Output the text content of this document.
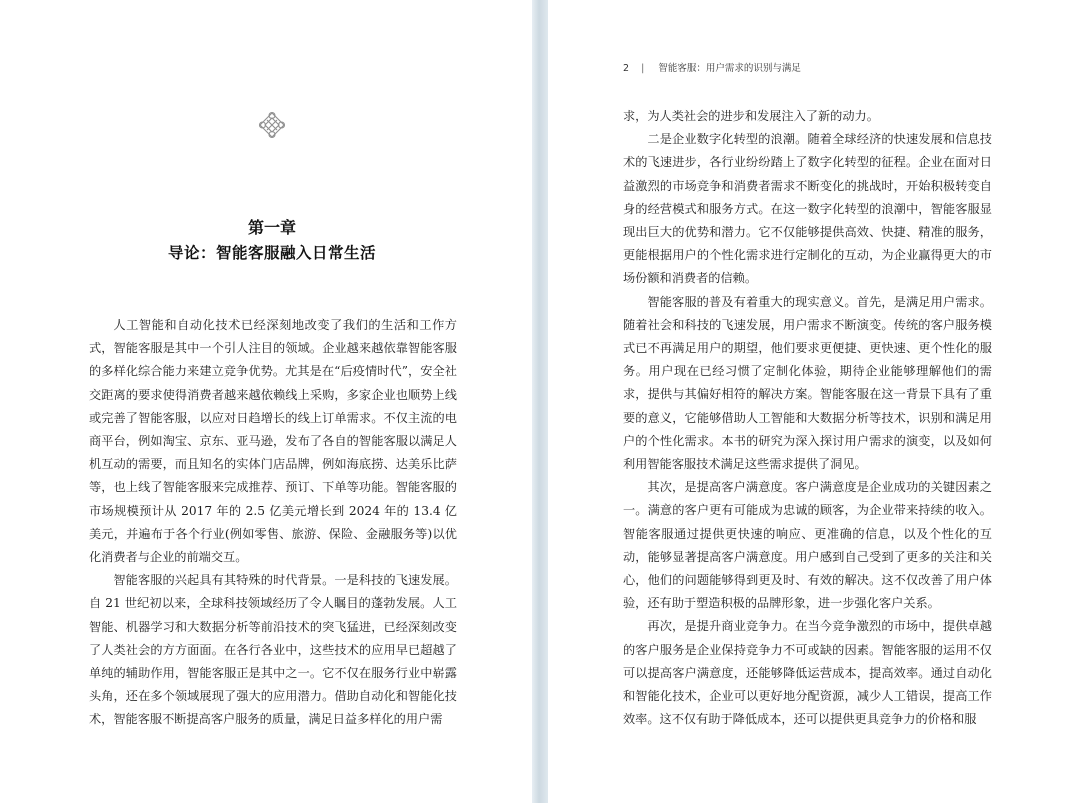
第一章
导论：智能客服融入日常生活

人工智能和自动化技术已经深刻地改变了我们的生活和工作方式，智能客服是其中一个引人注目的领域。企业越来越依靠智能客服的多样化综合能力来建立竞争优势。尤其是在“后疫情时代”，安全社交距离的要求使得消费者越来越依赖线上采购，多家企业也顺势上线或完善了智能客服，以应对日趋增长的线上订单需求。不仅主流的电商平台，例如淘宝、京东、亚马逊，发布了各自的智能客服以满足人机互动的需要，而且知名的实体门店品牌，例如海底捞、达美乐比萨等，也上线了智能客服来完成推荐、预订、下单等功能。智能客服的市场规模预计从 2017 年的 2.5 亿美元增长到 2024 年的 13.4 亿美元，并遍布于各个行业(例如零售、旅游、保险、金融服务等)以优化消费者与企业的前端交互。

智能客服的兴起具有其特殊的时代背景。一是科技的飞速发展。自 21 世纪初以来，全球科技领域经历了令人瞩目的蓬勃发展。人工智能、机器学习和大数据分析等前沿技术的突飞猛进，已经深刻改变了人类社会的方方面面。在各行各业中，这些技术的应用早已超越了单纯的辅助作用，智能客服正是其中之一。它不仅在服务行业中崭露头角，还在多个领域展现了强大的应用潜力。借助自动化和智能化技术，智能客服不断提高客户服务的质量，满足日益多样化的用户需

2 | 智能客服：用户需求的识别与满足

求，为人类社会的进步和发展注入了新的动力。

二是企业数字化转型的浪潮。随着全球经济的快速发展和信息技术的飞速进步，各行业纷纷踏上了数字化转型的征程。企业在面对日益激烈的市场竞争和消费者需求不断变化的挑战时，开始积极转变自身的经营模式和服务方式。在这一数字化转型的浪潮中，智能客服显现出巨大的优势和潜力。它不仅能够提供高效、快捷、精准的服务，更能根据用户的个性化需求进行定制化的互动，为企业赢得更大的市场份额和消费者的信赖。

智能客服的普及有着重大的现实意义。首先，是满足用户需求。随着社会和科技的飞速发展，用户需求不断演变。传统的客户服务模式已不再满足用户的期望，他们要求更便捷、更快速、更个性化的服务。用户现在已经习惯了定制化体验，期待企业能够理解他们的需求，提供与其偏好相符的解决方案。智能客服在这一背景下具有了重要的意义，它能够借助人工智能和大数据分析等技术，识别和满足用户的个性化需求。本书的研究为深入探讨用户需求的演变，以及如何利用智能客服技术满足这些需求提供了洞见。

其次，是提高客户满意度。客户满意度是企业成功的关键因素之一。满意的客户更有可能成为忠诚的顾客，为企业带来持续的收入。智能客服通过提供更快速的响应、更准确的信息，以及个性化的互动，能够显著提高客户满意度。用户感到自己受到了更多的关注和关心，他们的问题能够得到更及时、有效的解决。这不仅改善了用户体验，还有助于塑造积极的品牌形象，进一步强化客户关系。

再次，是提升商业竞争力。在当今竞争激烈的市场中，提供卓越的客户服务是企业保持竞争力不可或缺的因素。智能客服的运用不仅可以提高客户满意度，还能够降低运营成本，提高效率。通过自动化和智能化技术，企业可以更好地分配资源，减少人工错误，提高工作效率。这不仅有助于降低成本，还可以提供更具竞争力的价格和服
